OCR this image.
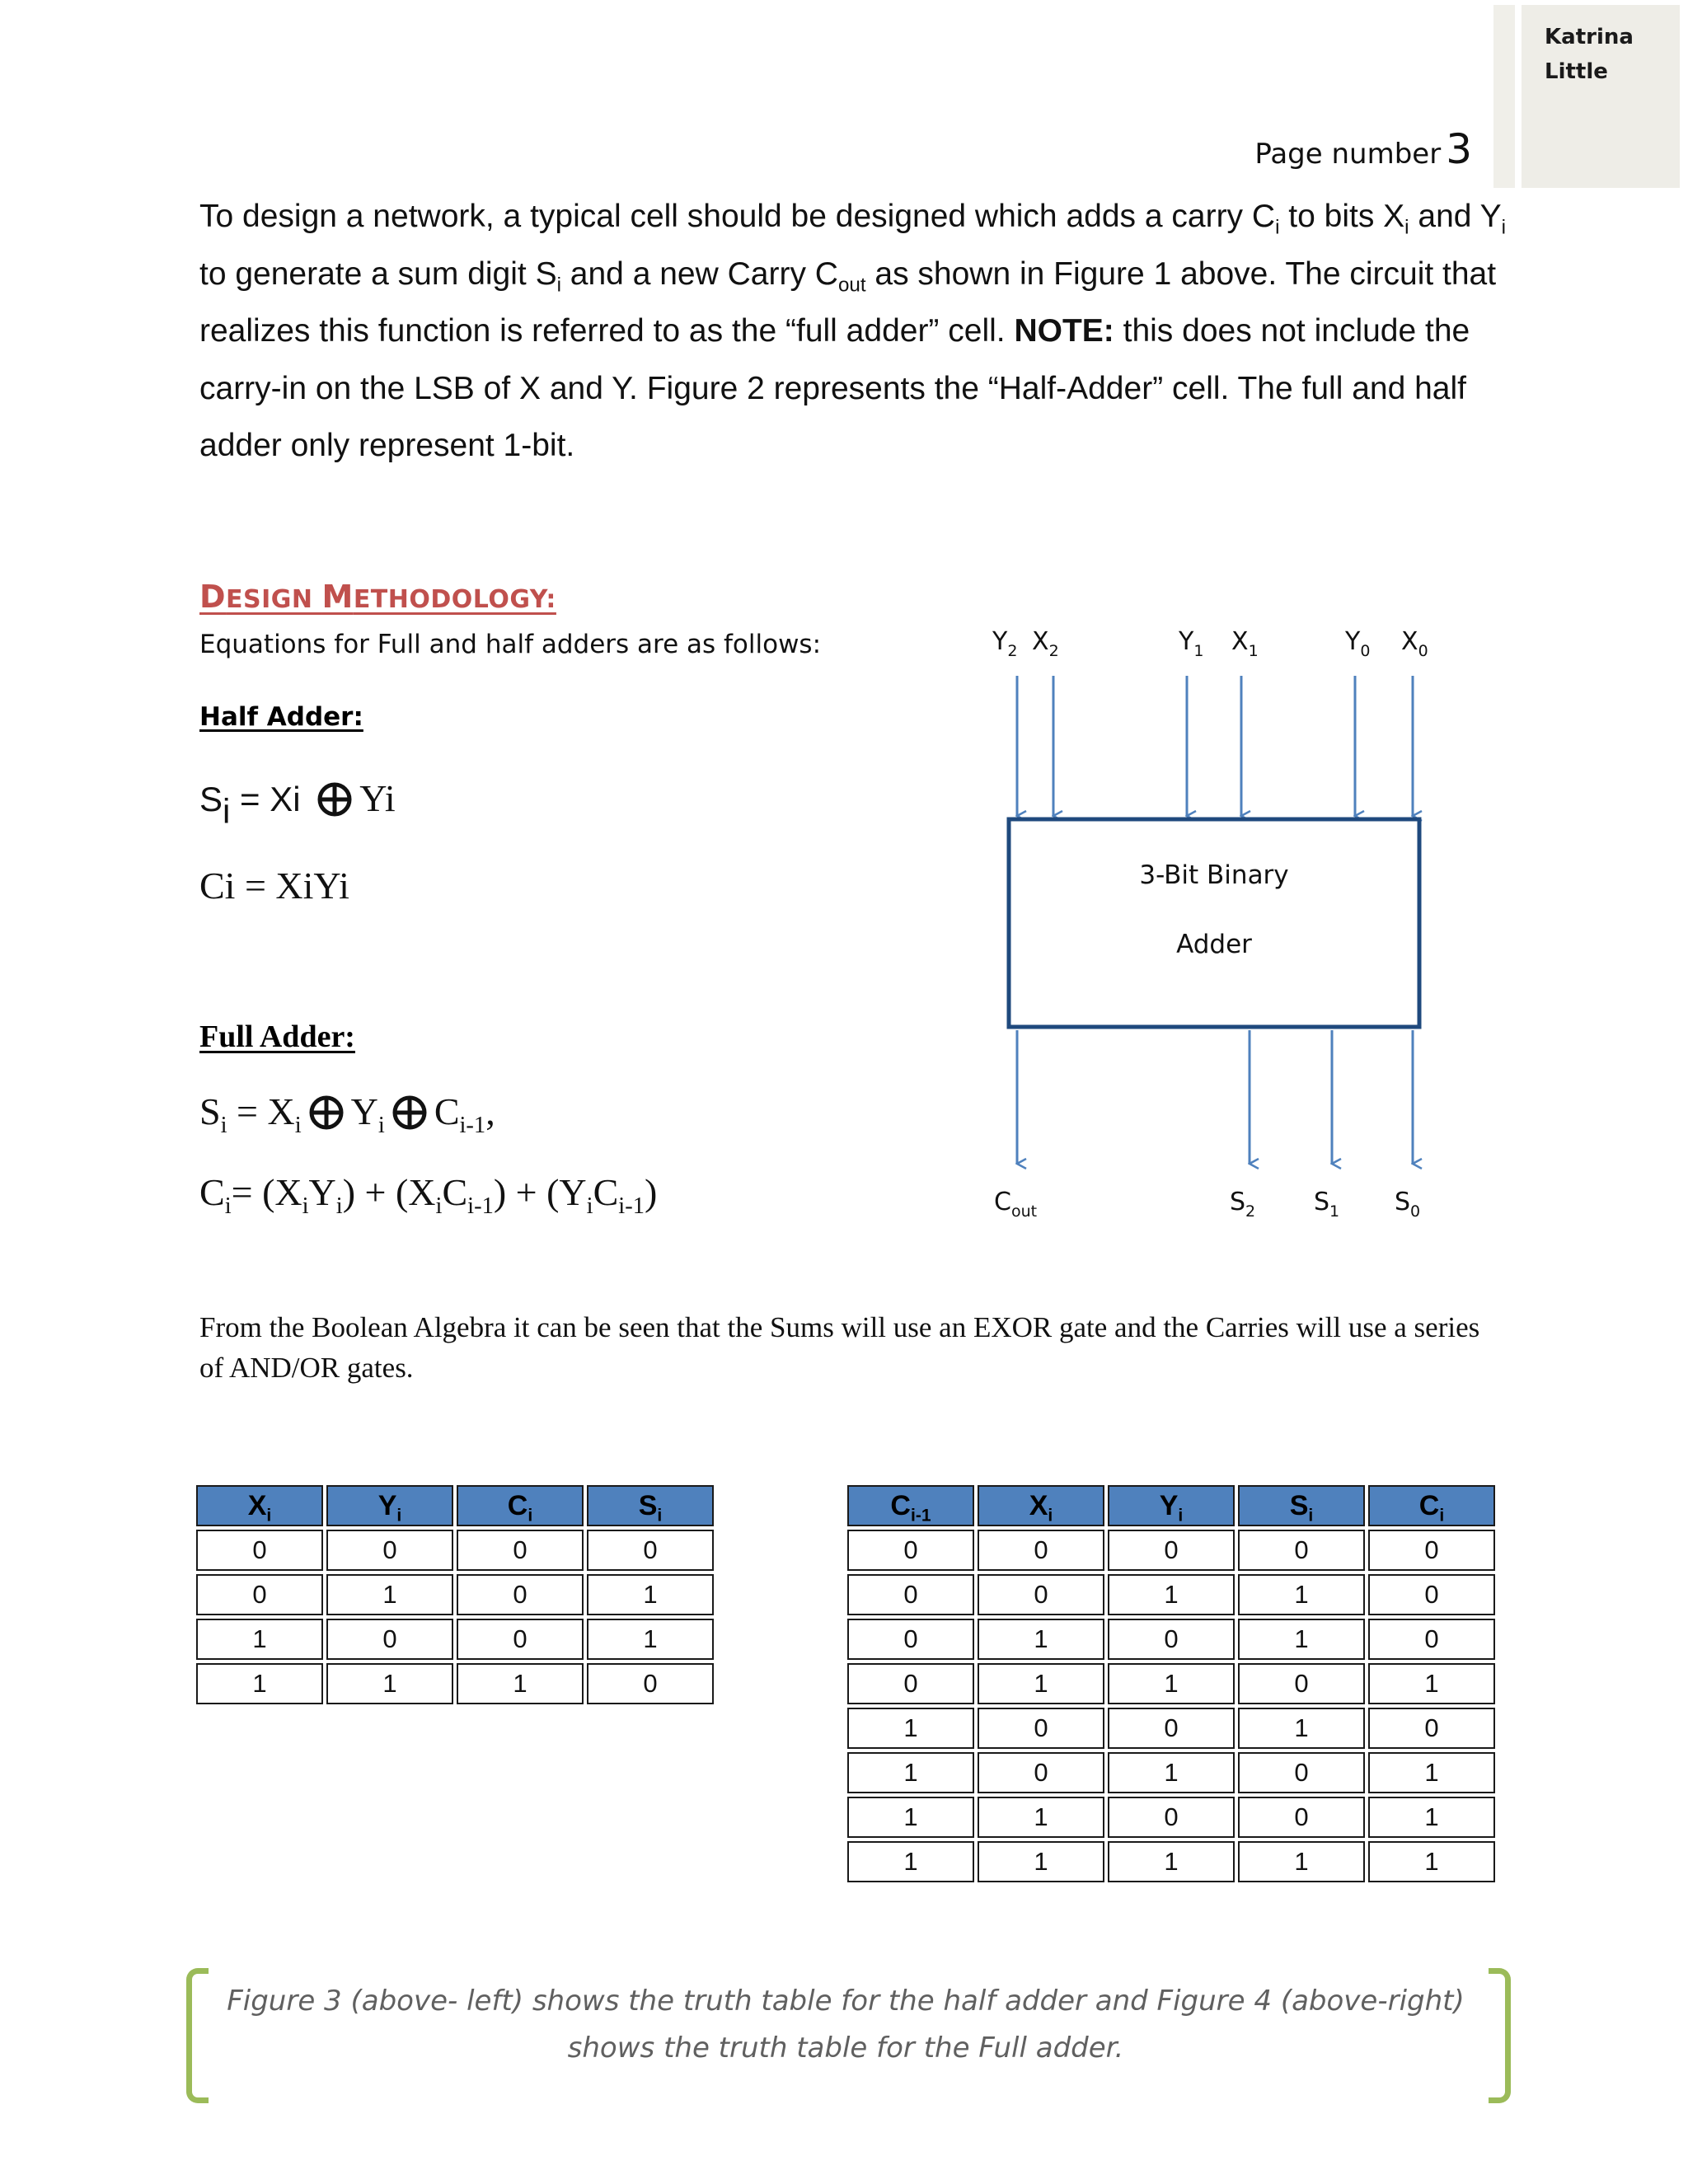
Katrina
Little
Page number 3
To design a network, a typical cell should be designed which adds a carry $C_i$ to bits $X_i$ and $Y_i$ to generate a sum digit $S_i$ and a new Carry $C_{out}$ as shown in Figure 1 above. The circuit that realizes this function is referred to as the “full adder” cell. NOTE: this does not include the carry-in on the LSB of X and Y. Figure 2 represents the “Half-Adder” cell. The full and half adder only represent 1-bit.
DESIGN METHODOLOGY:
Equations for Full and half adders are as follows:
Half Adder:
$S_i = Xi$ Yi
Ci = XiYi
Full Adder:
$S_i = X_i$ $Y_i$ $C_{i-1}$,
$C_i= (X_iY_i) + (X_iC_{i-1}) + (Y_iC_{i-1})$
$Y_2$ $X_2$	$Y_1$ $X_1$	$Y_0$ $X_0$
3-Bit Binary
Adder
$C_{out}$	$S_2$ $S_1$ $S_0$
From the Boolean Algebra it can be seen that the Sums will use an EXOR gate and the Carries will use a series of AND/OR gates.
$X_i$	$Y_i$	$C_i$	$S_i$
0	0	0	0
0	1	0	1
1	0	0	1
1	1	1	0
$C_{i-1}$	$X_i$	$Y_i$	$S_i$	$C_i$
0	0	0	0	0
0	0	1	1	0
0	1	0	1	0
0	1	1	0	1
1	0	0	1	0
1	0	1	0	1
1	1	0	0	1
1	1	1	1	1
Figure 3 (above- left) shows the truth table for the half adder and Figure 4 (above-right) shows the truth table for the Full adder.
